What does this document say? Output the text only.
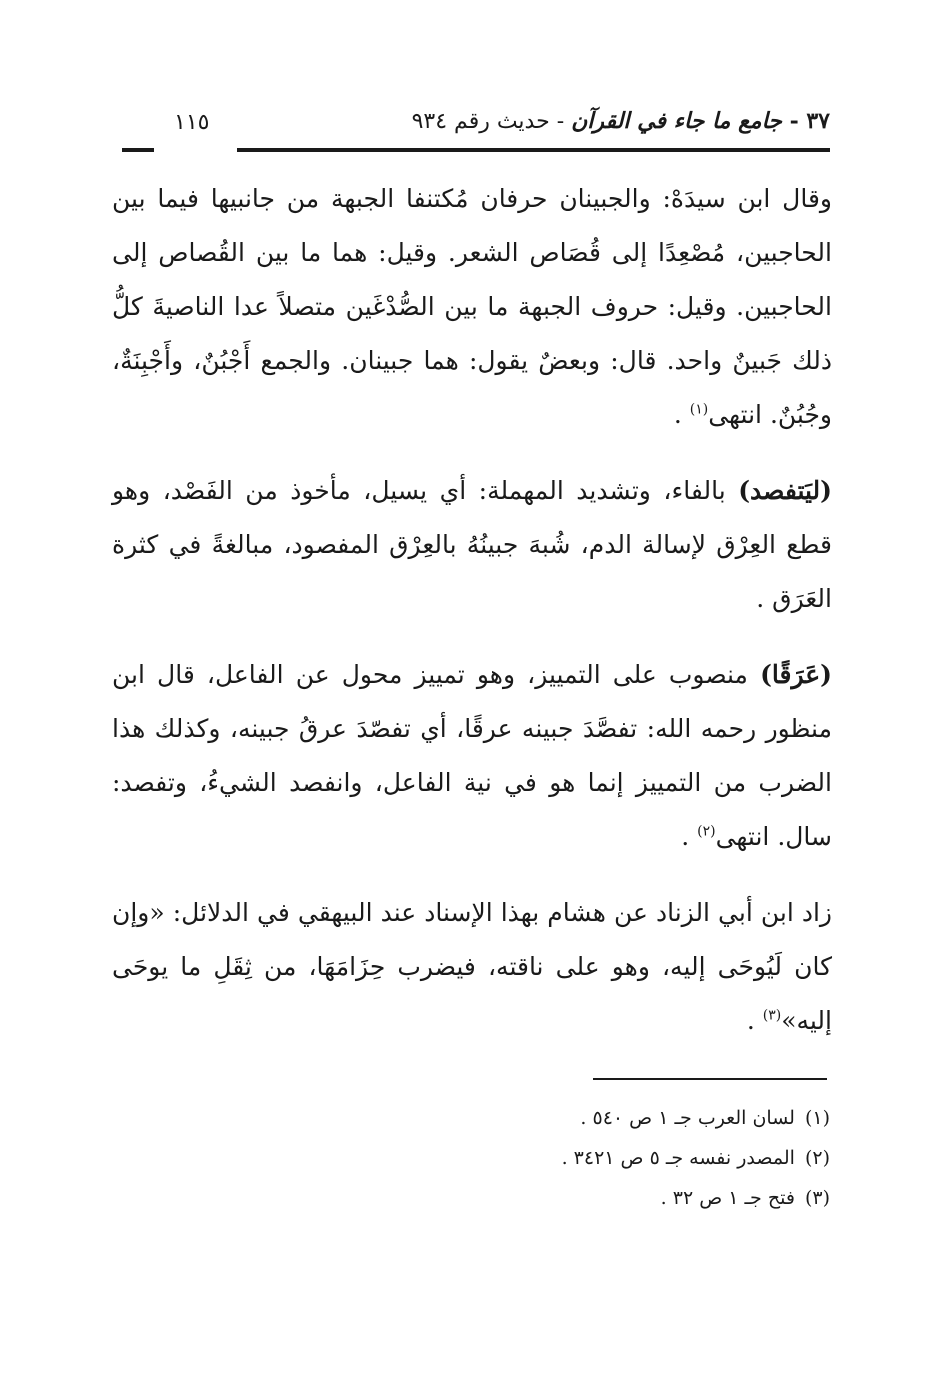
٣٧ - جامع ما جاء في القرآن - حديث رقم ٩٣٤
١١٥

وقال ابن سيدَهْ: والجبينان حرفان مُكتنفا الجبهة من جانبيها فيما بين الحاجبين، مُصْعِدًا إلى قُصَاص الشعر. وقيل: هما ما بين القُصاص إلى الحاجبين. وقيل: حروف الجبهة ما بين الصُّدْغَين متصلاً عدا الناصيةَ كلُّ ذلك جَبينٌ واحد. قال: وبعضٌ يقول: هما جبينان. والجمع أَجْبُنٌ، وأَجْبِنَةٌ، وجُبُنٌ. انتهى$^{(١)}$ .

(ليَتفصد) بالفاء، وتشديد المهملة: أي يسيل، مأخوذ من الفَصْد، وهو قطع العِرْق لإسالة الدم، شُبهَ جبينُهُ بالعِرْق المفصود، مبالغةً في كثرة العَرَق .

(عَرَقًا) منصوب على التمييز، وهو تمييز محول عن الفاعل، قال ابن منظور رحمه الله: تفصَّدَ جبينه عرقًا، أي تفصّدَ عرقُ جبينه، وكذلك هذا الضرب من التمييز إنما هو في نية الفاعل، وانفصد الشيءُ، وتفصد: سال. انتهى$^{(٢)}$ .

زاد ابن أبي الزناد عن هشام بهذا الإسناد عند البيهقي في الدلائل: «وإن كان لَيُوحَى إليه، وهو على ناقته، فيضرب حِزَامَهَا، من ثِقَلِ ما يوحَى إليه»$^{(٣)}$ .

(١)لسان العرب جـ ١ ص ٥٤٠ .
(٢)المصدر نفسه جـ ٥ ص ٣٤٢١ .
(٣)فتح جـ ١ ص ٣٢ .
